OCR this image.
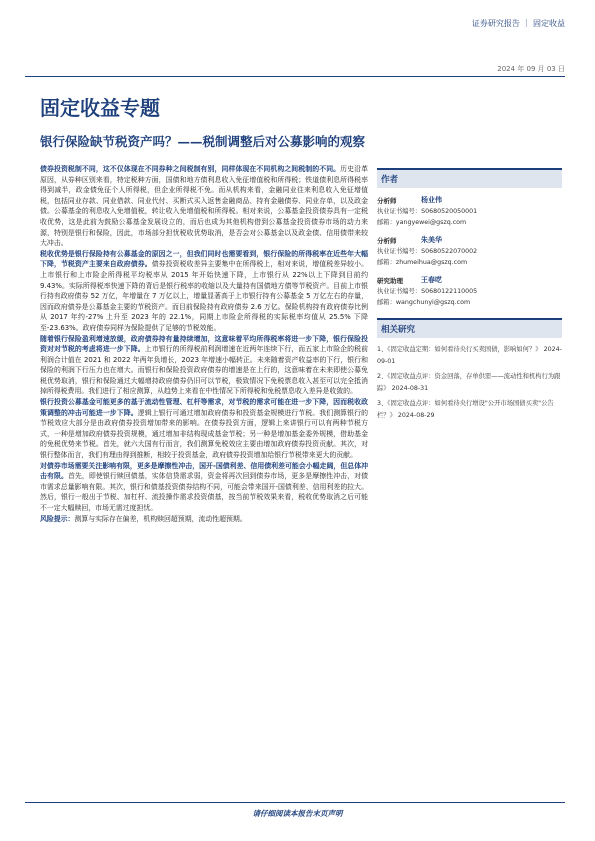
证券研究报告 ｜ 固定收益
2024 年 09 月 03 日
固定收益专题
银行保险缺节税资产吗？——税制调整后对公募影响的观察

债券投资税制不同，这不仅体现在不同券种之间税制有别，同样体现在不同机构之间税制的不同。历史沿革原因，从券种区别来看，特定税种方面，国债和地方债利息收入免征增值税和所得税；铁道债利息所得税率得到减半，政金债免征个人所得税，但企业所得税不免。而从机构来看，金融同业往来利息收入免征增值税，包括同业存款、同业借款、同业代付、买断式买入返售金融商品、持有金融债券、同业存单，以及政金债。公募基金的利息收入免增值税，转让收入免增值税和所得税。相对来说，公募基金投资债券具有一定税收优势，这是此前为鼓励公募基金发展设立的，而后也成为其他机构借到公募基金投资债券市场的动力来源，特别是银行和保险，因此，市场部分担忧税收优势取消，是否会对公募基金以及政金债、信用债带来较大冲击。

税收优势是银行保险持有公募基金的原因之一，但我们同时也需要看到，银行保险的所得税率在近些年大幅下降，节税资产主要来自政府债券。债券投资税收差异主要集中在所得税上，相对来说，增值税差异较小。上市银行和上市险企所得税平均税率从 2015 年开始快速下降，上市银行从 22%以上下降到目前约 9.43%。实际所得税率快速下降的背后是银行税率的收缩以及大量持有国债地方债等节税资产。目前上市银行持有政府债券 52 万亿，年增量在 7 万亿以上，增量显著高于上市银行持有公募基金 5 万亿左右的存量，因而政府债券是公募基金主要的节税资产。而目前保险持有政府债券 2.6 万亿。保险机构持有政府债券比例从 2017 年约-27% 上升至 2023 年的 22.1%，同期上市险企所得税的实际税率均值从 25.5% 下降至-23.63%。政府债券同样为保险提供了足够的节税效能。

随着银行保险盈利增速放缓，政府债券持有量持续增加，这意味着平均所得税率将进一步下降，银行保险投资对对节税的考虑将进一步下降。上市银行的所得税前利润增速在近两年连续下行，而五家上市险企的税前利润合计值在 2021 和 2022 年两年负增长，2023 年增速小幅转正。未来随着资产收益率的下行，银行和保险的利润下行压力也在增大。而银行和保险投资政府债券的增速是在上行的，这意味着在未来即使公募免税优势取消，银行和保险通过大幅增持政府债券仍旧可以节税，极致情况下免税票息收入甚至可以完全抵消掉所得税费用。我们进行了相应测算，从趋势上来看在中性情况下所得税和免税票息收入差异是收敛的。

银行投资公募基金可能更多的基于流动性管理、杠杆等需求，对节税的需求可能在进一步下降，因而税收政策调整的冲击可能进一步下降。逻辑上银行可通过增加政府债券和投资基金规模进行节税。我们测算银行的节税效应大部分是由政府债券投资增加带来的影响。在债券投资方面，逻辑上来讲银行可以有两种节税方式，一种是增加政府债券投资规模，通过增加非结构现成基金节税；另一种是增加基金委外规模，借助基金的免税优势来节税。首先，就六大国有行而言，我们测算免税效应主要由增加政府债券投资贡献。其次，对银行整体而言，我们有理由得到推断，相较于投资基金，政府债券投资增加给银行节税带来更大的贡献。

对债券市场需要关注影响有限，更多是摩擦性冲击，国开-国债利差、信用债利差可能会小幅走阔，但总体冲击有限。首先，即使银行赎回债基，实体信贷需求弱，资金将再次回到债券市场，更多是摩擦性冲击，对债市需求总量影响有限。其次，银行和债基投资债券结构不同，可能会带来国开-国债利差、信用利差的拉大。然后，银行一般出于节税、加杠杆、流投操作需求投资债基，按当前节税效果来看，税收优势取消之后可能不一定大幅赎回，市场无需过度担忧。

风险提示：测算与实际存在偏差，机构赎回超预期，流动性超预期。

作者
分析师	杨业伟
执业证书编号：S0680520050001
邮箱：yangyewei@gszq.com
分析师	朱美华
执业证书编号：S0680522070002
邮箱：zhumeihua@gszq.com
研究助理	王春呓
执业证书编号：S0680122110005
邮箱：wangchunyi@gszq.com
相关研究
1、《固定收益定期：如何看待央行买卖国债，影响如何？》 2024-09-01
2、《固定收益点评：资金回落，存单供需——流动性和机构行为跟踪》 2024-08-31
3、《固定收益点评：如何看待央行增设"公开市场国债买卖"公告栏？》 2024-08-29
请仔细阅读本报告末页声明
